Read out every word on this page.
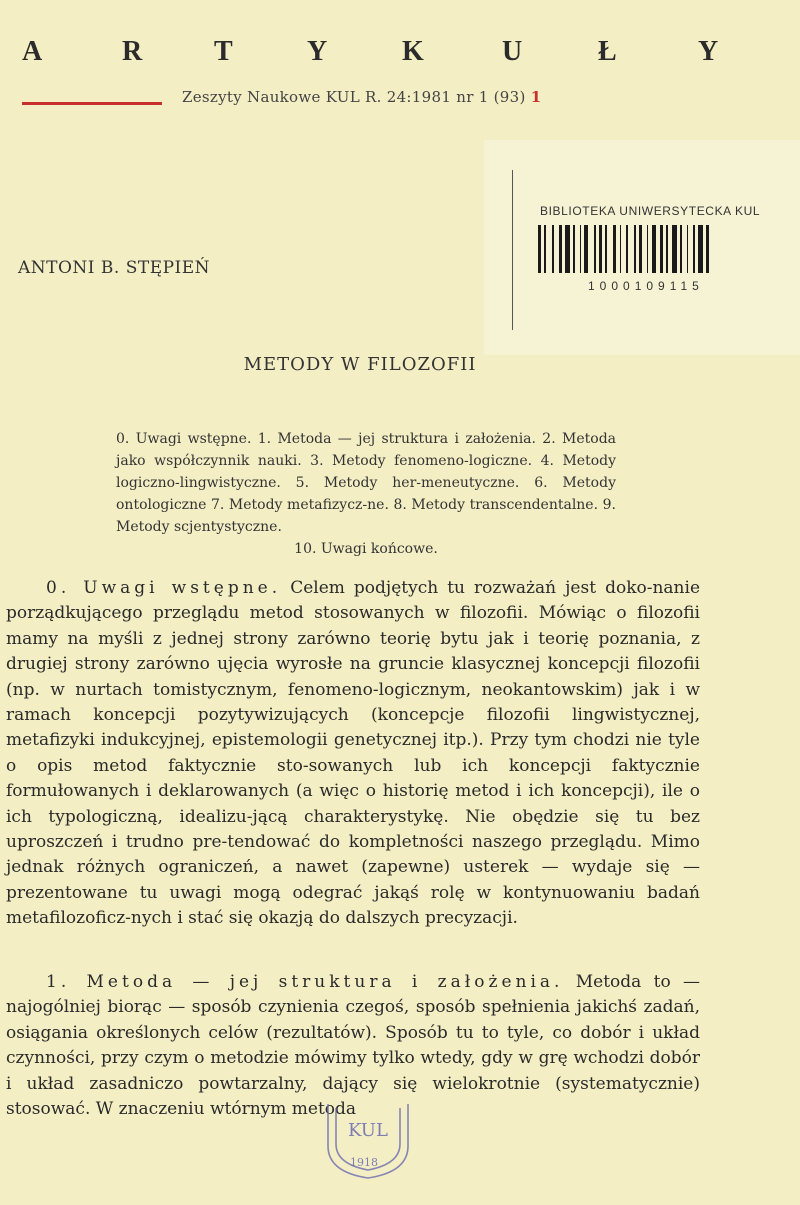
A	R	T	Y	K	U	Ł	Y
Zeszyty Naukowe KUL R. 24:1981 nr 1 (93) 1
ANTONI B. STĘPIEŃ
BIBLIOTEKA UNIWERSYTECKA KUL
1000109115
METODY W FILOZOFII
0. Uwagi wstępne. 1. Metoda — jej struktura i założenia. 2. Metoda jako współczynnik nauki. 3. Metody fenomeno-logiczne. 4. Metody logiczno-lingwistyczne. 5. Metody her-meneutyczne. 6. Metody ontologiczne 7. Metody metafizycz-ne. 8. Metody transcendentalne. 9. Metody scjentystyczne.
10. Uwagi końcowe.
0. Uwagi wstępne. Celem podjętych tu rozważań jest doko-nanie porządkującego przeglądu metod stosowanych w filozofii. Mówiąc o filozofii mamy na myśli z jednej strony zarówno teorię bytu jak i teorię poznania, z drugiej strony zarówno ujęcia wyrosłe na gruncie klasycznej koncepcji filozofii (np. w nurtach tomistycznym, fenomeno-logicznym, neokantowskim) jak i w ramach koncepcji pozytywizujących (koncepcje filozofii lingwistycznej, metafizyki indukcyjnej, epistemologii genetycznej itp.). Przy tym chodzi nie tyle o opis metod faktycznie sto-sowanych lub ich koncepcji faktycznie formułowanych i deklarowanych (a więc o historię metod i ich koncepcji), ile o ich typologiczną, idealizu-jącą charakterystykę. Nie obędzie się tu bez uproszczeń i trudno pre-tendować do kompletności naszego przeglądu. Mimo jednak różnych ograniczeń, a nawet (zapewne) usterek — wydaje się — prezentowane tu uwagi mogą odegrać jakąś rolę w kontynuowaniu badań metafilozoficz-nych i stać się okazją do dalszych precyzacji.
1. Metoda — jej struktura i założenia. Metoda to — najogólniej biorąc — sposób czynienia czegoś, sposób spełnienia jakichś zadań, osiągania określonych celów (rezultatów). Sposób tu to tyle, co dobór i układ czynności, przy czym o metodzie mówimy tylko wtedy, gdy w grę wchodzi dobór i układ zasadniczo powtarzalny, dający się wielokrotnie (systematycznie) stosować. W znaczeniu wtórnym metoda
KUL
1918
